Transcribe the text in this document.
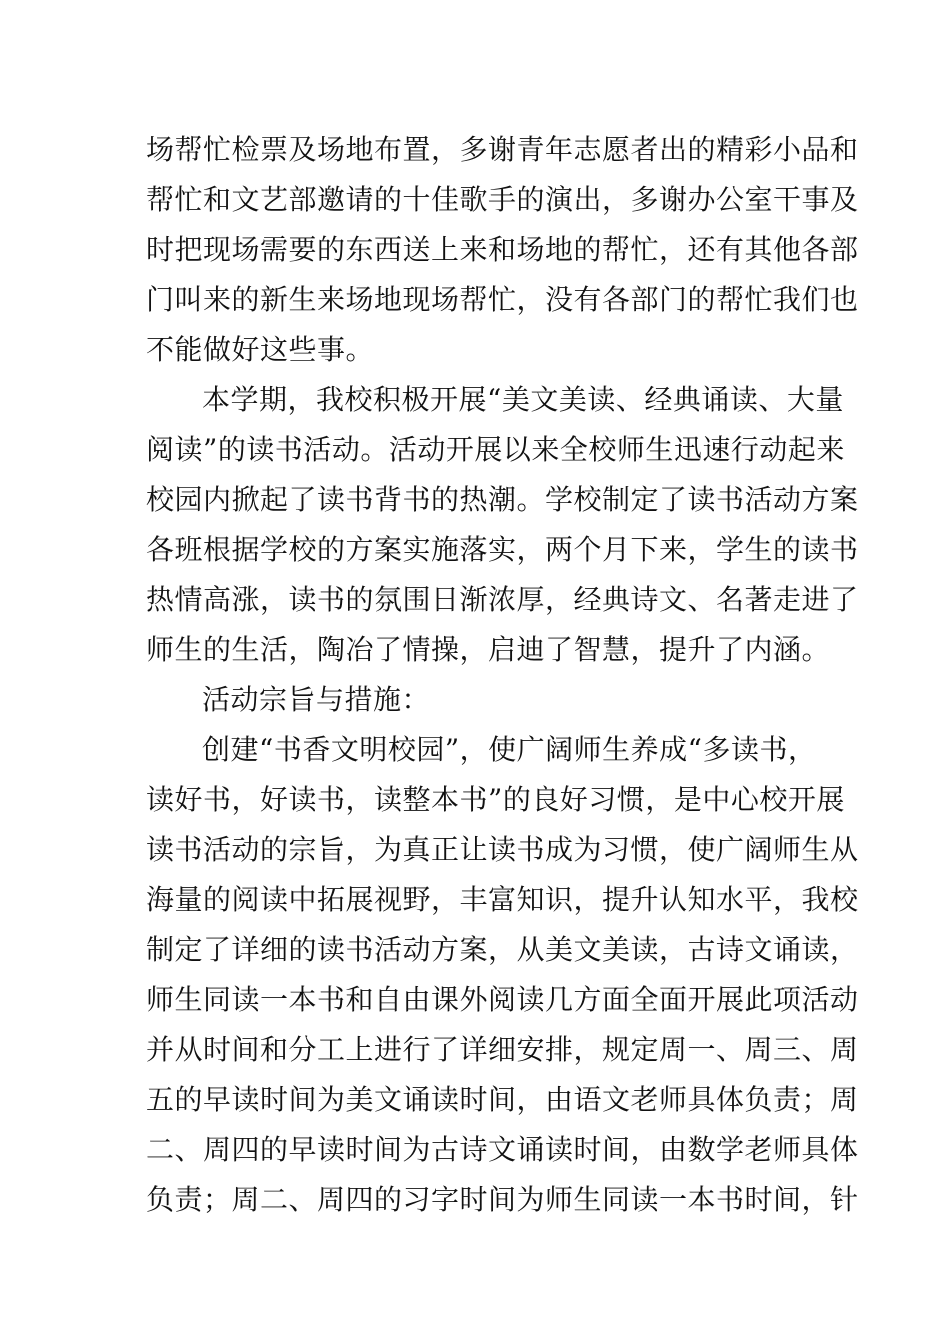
场帮忙检票及场地布置，多谢青年志愿者出的精彩小品和
帮忙和文艺部邀请的十佳歌手的演出，多谢办公室干事及
时把现场需要的东西送上来和场地的帮忙，还有其他各部
门叫来的新生来场地现场帮忙，没有各部门的帮忙我们也
不能做好这些事。
本学期，我校积极开展“美文美读、经典诵读、大量
阅读”的读书活动。活动开展以来全校师生迅速行动起来
校园内掀起了读书背书的热潮。学校制定了读书活动方案
各班根据学校的方案实施落实，两个月下来，学生的读书
热情高涨，读书的氛围日渐浓厚，经典诗文、名著走进了
师生的生活，陶冶了情操，启迪了智慧，提升了内涵。
活动宗旨与措施：
创建“书香文明校园”，使广阔师生养成“多读书，
读好书，好读书，读整本书”的良好习惯，是中心校开展
读书活动的宗旨，为真正让读书成为习惯，使广阔师生从
海量的阅读中拓展视野，丰富知识，提升认知水平，我校
制定了详细的读书活动方案，从美文美读，古诗文诵读，
师生同读一本书和自由课外阅读几方面全面开展此项活动
并从时间和分工上进行了详细安排，规定周一、周三、周
五的早读时间为美文诵读时间，由语文老师具体负责；周
二、周四的早读时间为古诗文诵读时间，由数学老师具体
负责；周二、周四的习字时间为师生同读一本书时间，针
